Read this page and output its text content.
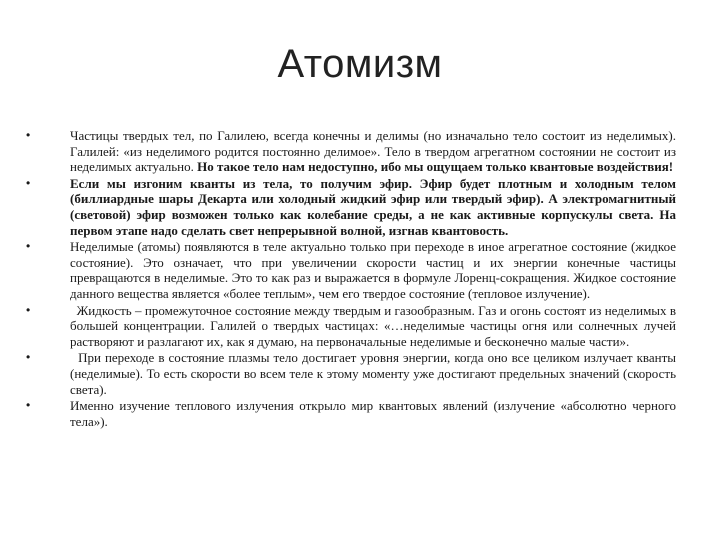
Атомизм
•	Частицы твердых тел, по Галилею, всегда конечны и делимы (но изначально тело состоит из неделимых). Галилей: «из неделимого родится постоянно делимое». Тело в твердом агрегатном состоянии не состоит из неделимых актуально. Но такое тело нам недоступно, ибо мы ощущаем только квантовые воздействия!
•	Если мы изгоним кванты из тела, то получим эфир. Эфир будет плотным и холодным телом (биллиардные шары Декарта или холодный жидкий эфир или твердый эфир). А электромагнитный (световой) эфир возможен только как колебание среды, а не как активные корпускулы света. На первом этапе надо сделать свет непрерывной волной, изгнав квантовость.
•	Неделимые (атомы) появляются в теле актуально только при переходе в иное агрегатное состояние (жидкое состояние). Это означает, что при увеличении скорости частиц и их энергии конечные частицы превращаются в неделимые. Это то как раз и выражается в формуле Лоренц-сокращения. Жидкое состояние данного вещества является «более теплым», чем его твердое состояние (тепловое излучение).
•	Жидкость – промежуточное состояние между твердым и газообразным. Газ и огонь состоят из неделимых в большей концентрации. Галилей о твердых частицах: «…неделимые частицы огня или солнечных лучей растворяют и разлагают их, как я думаю, на первоначальные неделимые и бесконечно малые части».
•	При переходе в состояние плазмы тело достигает уровня энергии, когда оно все целиком излучает кванты (неделимые). То есть скорости во всем теле к этому моменту уже достигают предельных значений (скорость света).
•	Именно изучение теплового излучения открыло мир квантовых явлений (излучение «абсолютно черного тела»).
